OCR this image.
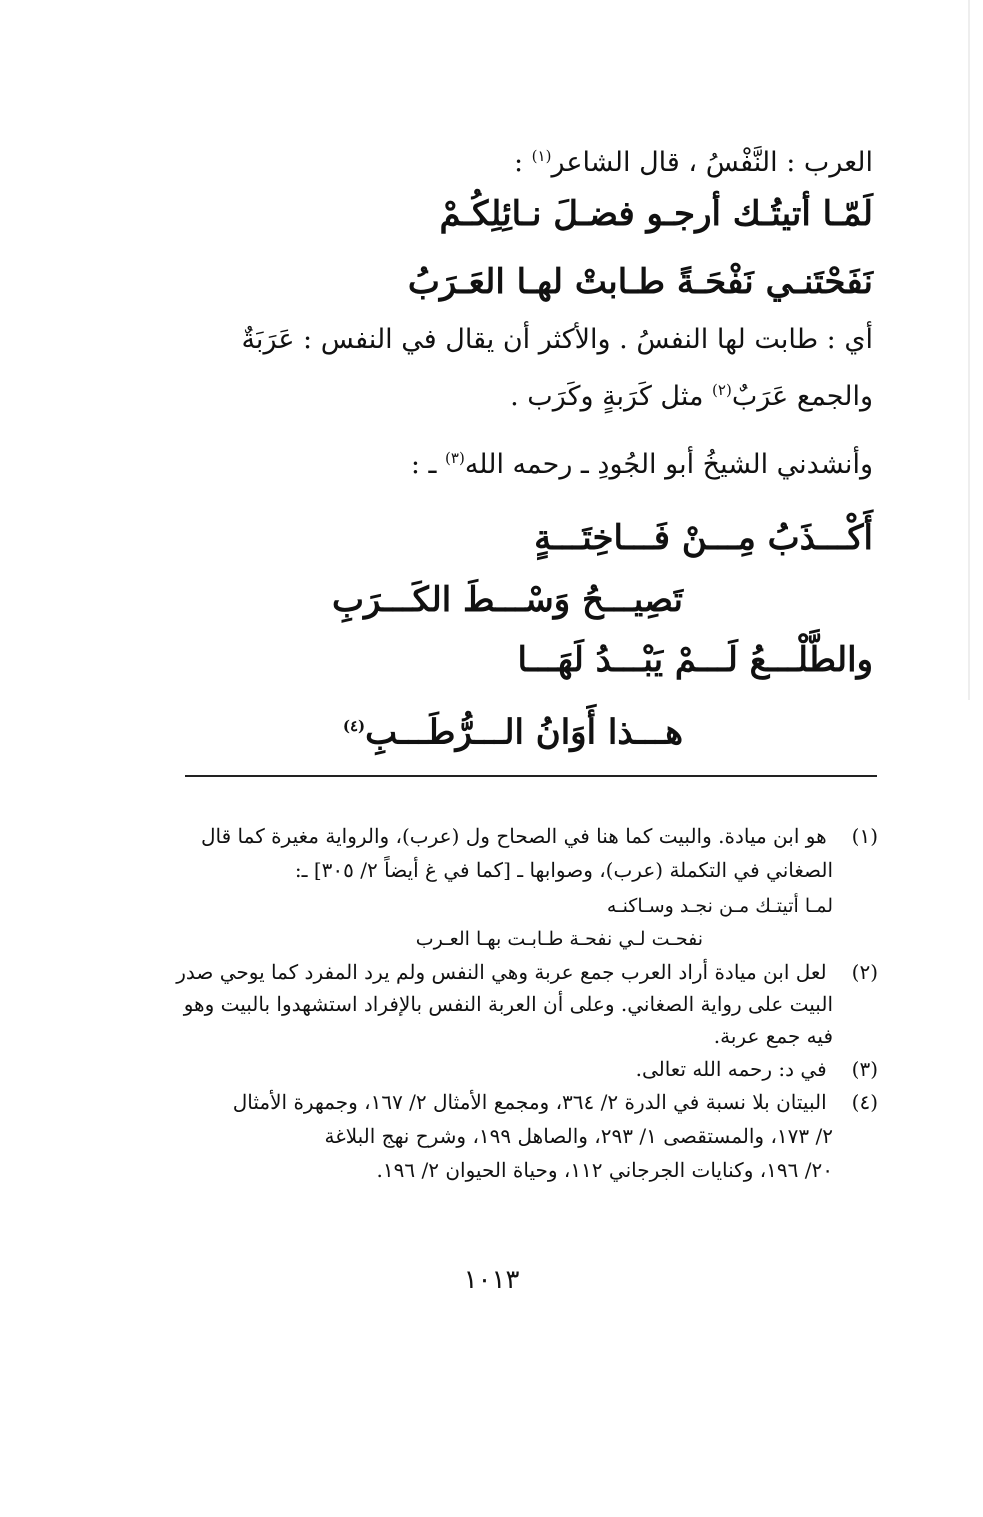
العرب : النَّفْسُ ، قال الشاعر$^{(١)}$ :
لَمّـا أتيتُـك أرجـو فضـلَ نـائِلِكُـمْ
نَفَحْتَنـي نَفْحَـةً طـابتْ لهـا العَـرَبُ
أي : طابت لها النفسُ . والأكثر أن يقال في النفس : عَرَبَةٌ
والجمع عَرَبٌ$^{(٢)}$ مثل كَرَبةٍ وكَرَب .
وأنشدني الشيخُ أبو الجُودِ ـ رحمه الله$^{(٣)}$ ـ :
أَكْـــذَبُ مِـــنْ فَـــاخِتَـــةٍ
تَصِيـــحُ وَسْـــطَ الكَـــرَبِ
والطَّلْـــعُ لَـــمْ يَبْـــدُ لَهَـــا
هـــذا أَوَانُ الـــرُّطَـــبِ$^{(٤)}$
(١) هو ابن ميادة. والبيت كما هنا في الصحاح ول (عرب)، والرواية مغيرة كما قال
الصغاني في التكملة (عرب)، وصوابها ـ [كما في غ أيضاً ٢/ ٣٠٥] ـ:
لمـا أتيتـك مـن نجـد وسـاكنـه
نفحـت لـي نفحـة طـابـت بهـا العـرب
(٢) لعل ابن ميادة أراد العرب جمع عربة وهي النفس ولم يرد المفرد كما يوحي صدر
البيت على رواية الصغاني. وعلى أن العربة النفس بالإفراد استشهدوا بالبيت وهو
فيه جمع عربة.
(٣) في د: رحمه الله تعالى.
(٤) البيتان بلا نسبة في الدرة ٢/ ٣٦٤، ومجمع الأمثال ٢/ ١٦٧، وجمهرة الأمثال
٢/ ١٧٣، والمستقصى ١/ ٢٩٣، والصاهل ١٩٩، وشرح نهج البلاغة
٢٠/ ١٩٦، وكنايات الجرجاني ١١٢، وحياة الحيوان ٢/ ١٩٦.
١٠١٣
